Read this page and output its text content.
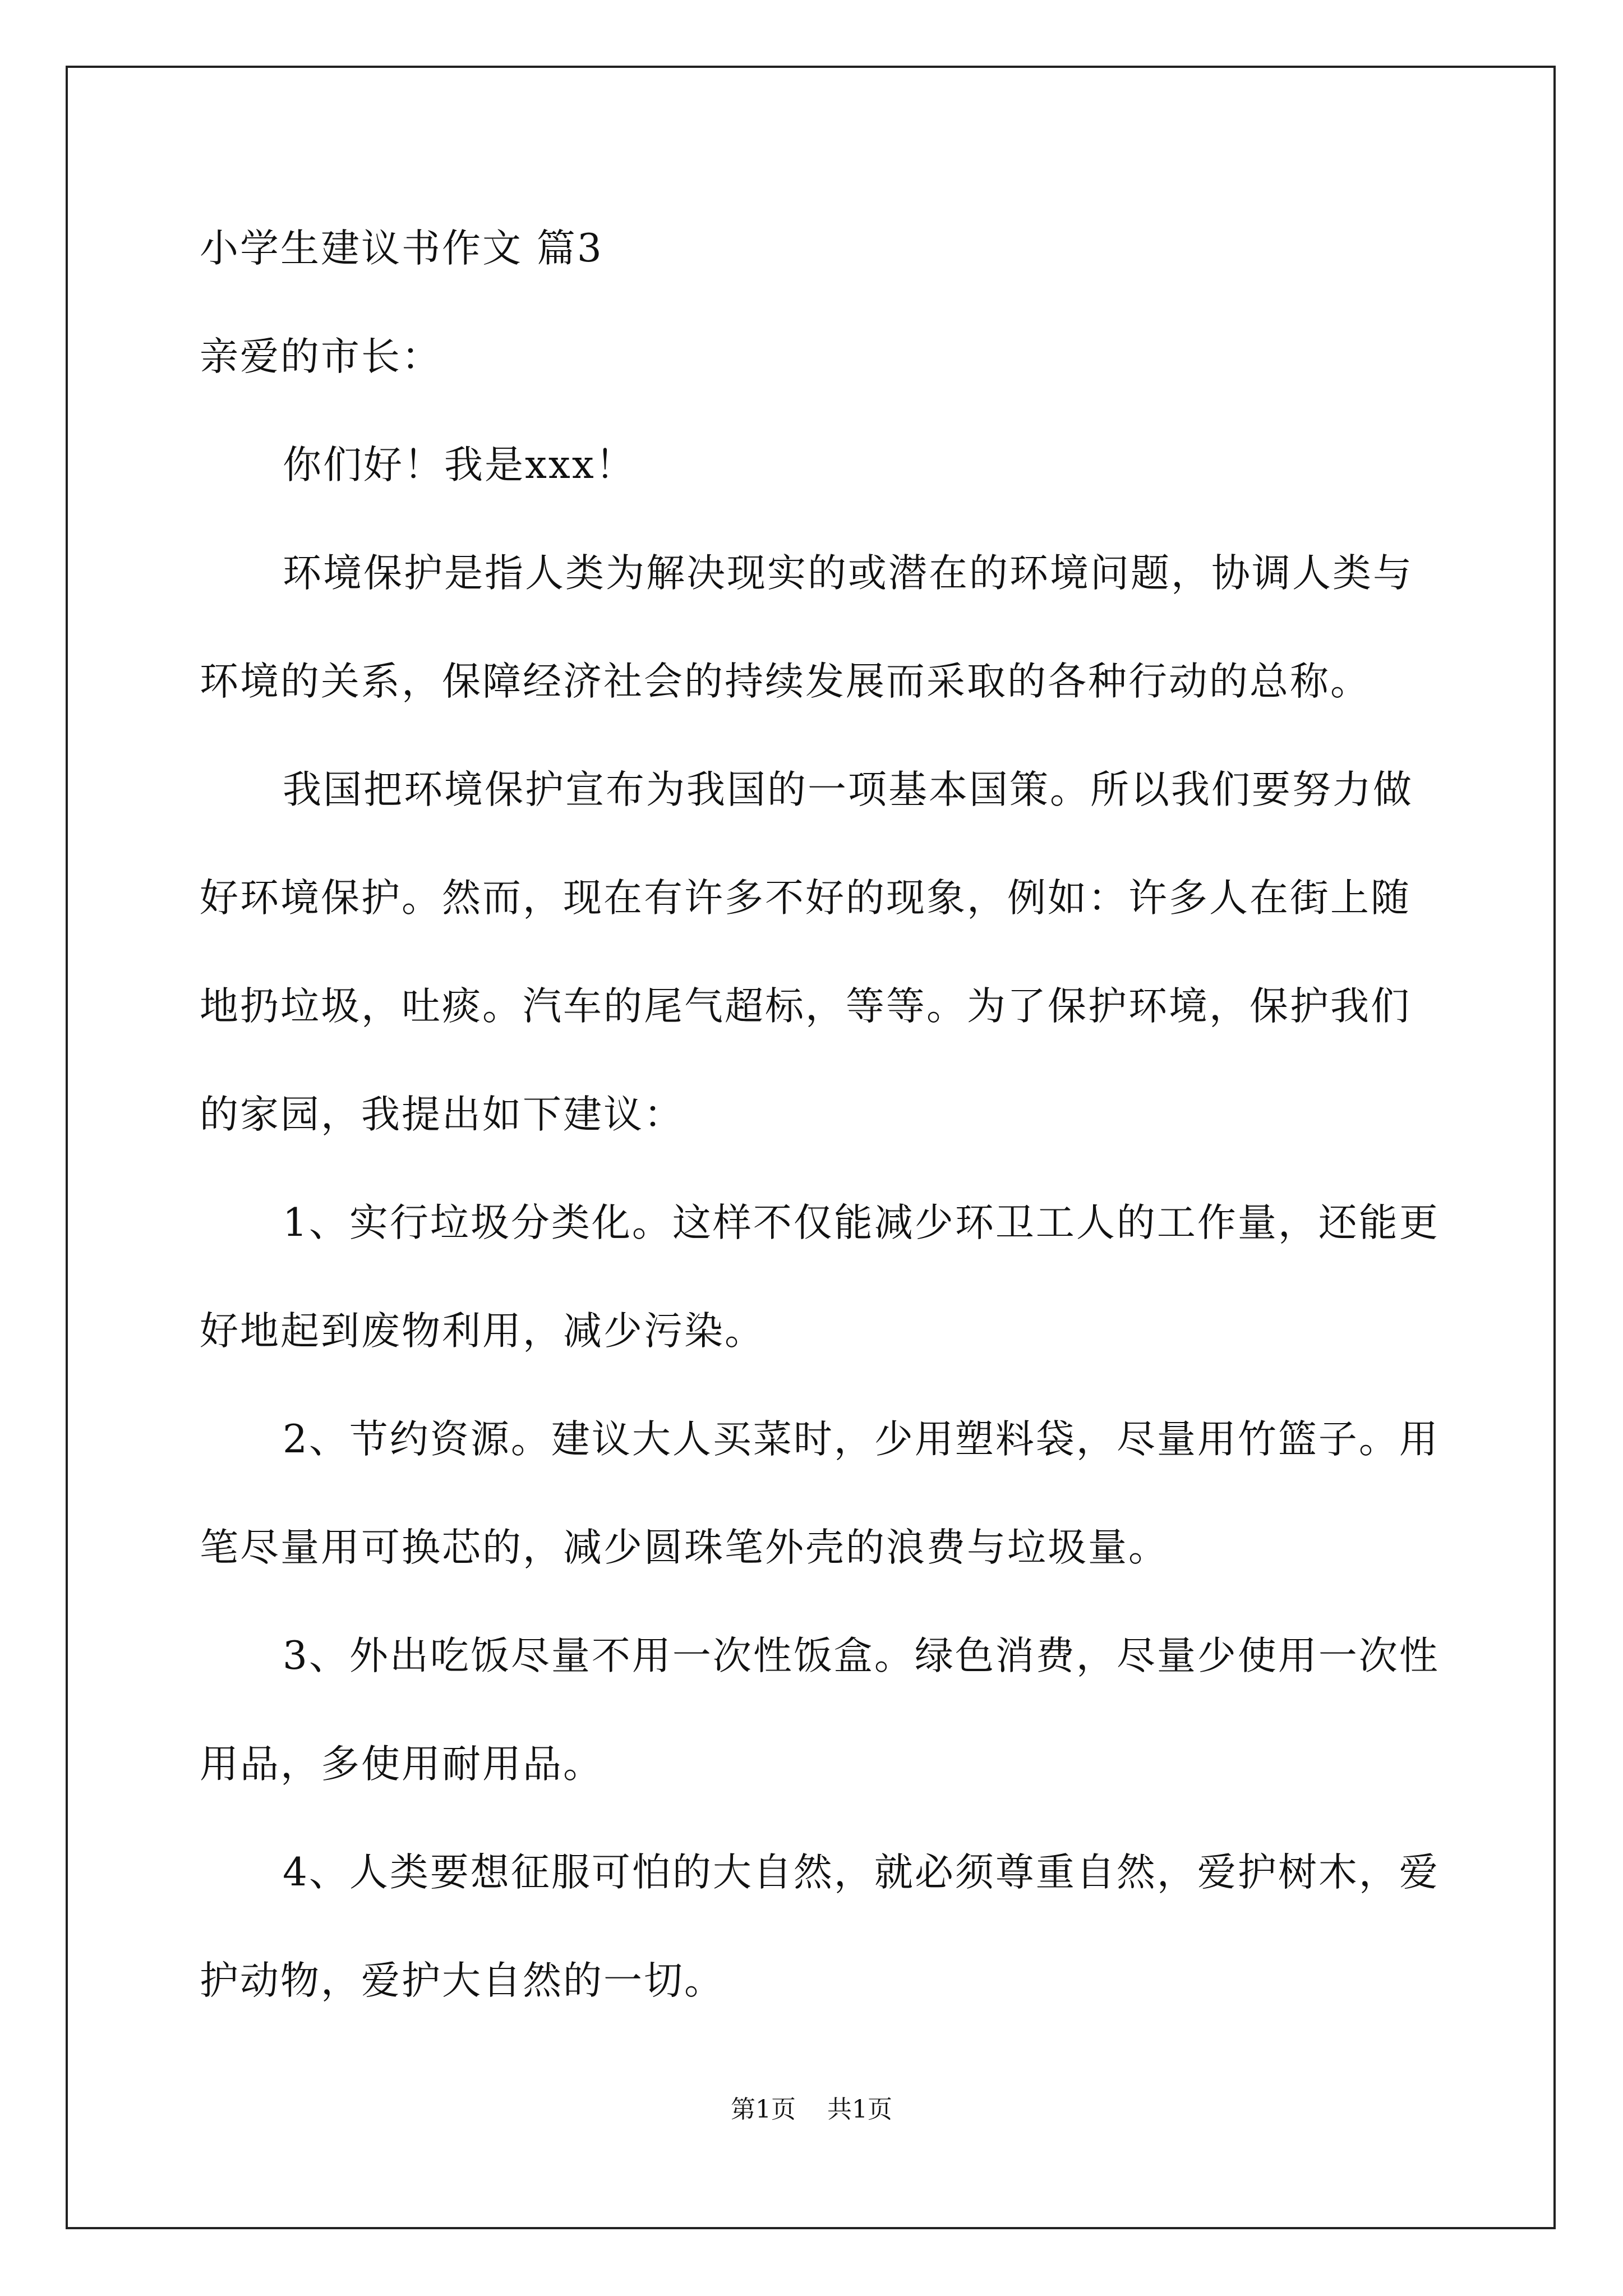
小学生建议书作文 篇3
亲爱的市长：
你们好！我是xxx！
环境保护是指人类为解决现实的或潜在的环境问题，协调人类与
环境的关系，保障经济社会的持续发展而采取的各种行动的总称。
我国把环境保护宣布为我国的一项基本国策。所以我们要努力做
好环境保护。然而，现在有许多不好的现象，例如：许多人在街上随
地扔垃圾，吐痰。汽车的尾气超标，等等。为了保护环境，保护我们
的家园，我提出如下建议：
1、实行垃圾分类化。这样不仅能减少环卫工人的工作量，还能更
好地起到废物利用，减少污染。
2、节约资源。建议大人买菜时，少用塑料袋，尽量用竹篮子。用
笔尽量用可换芯的，减少圆珠笔外壳的浪费与垃圾量。
3、外出吃饭尽量不用一次性饭盒。绿色消费，尽量少使用一次性
用品，多使用耐用品。
4、人类要想征服可怕的大自然，就必须尊重自然，爱护树木，爱
护动物，爱护大自然的一切。
第1页 共1页
